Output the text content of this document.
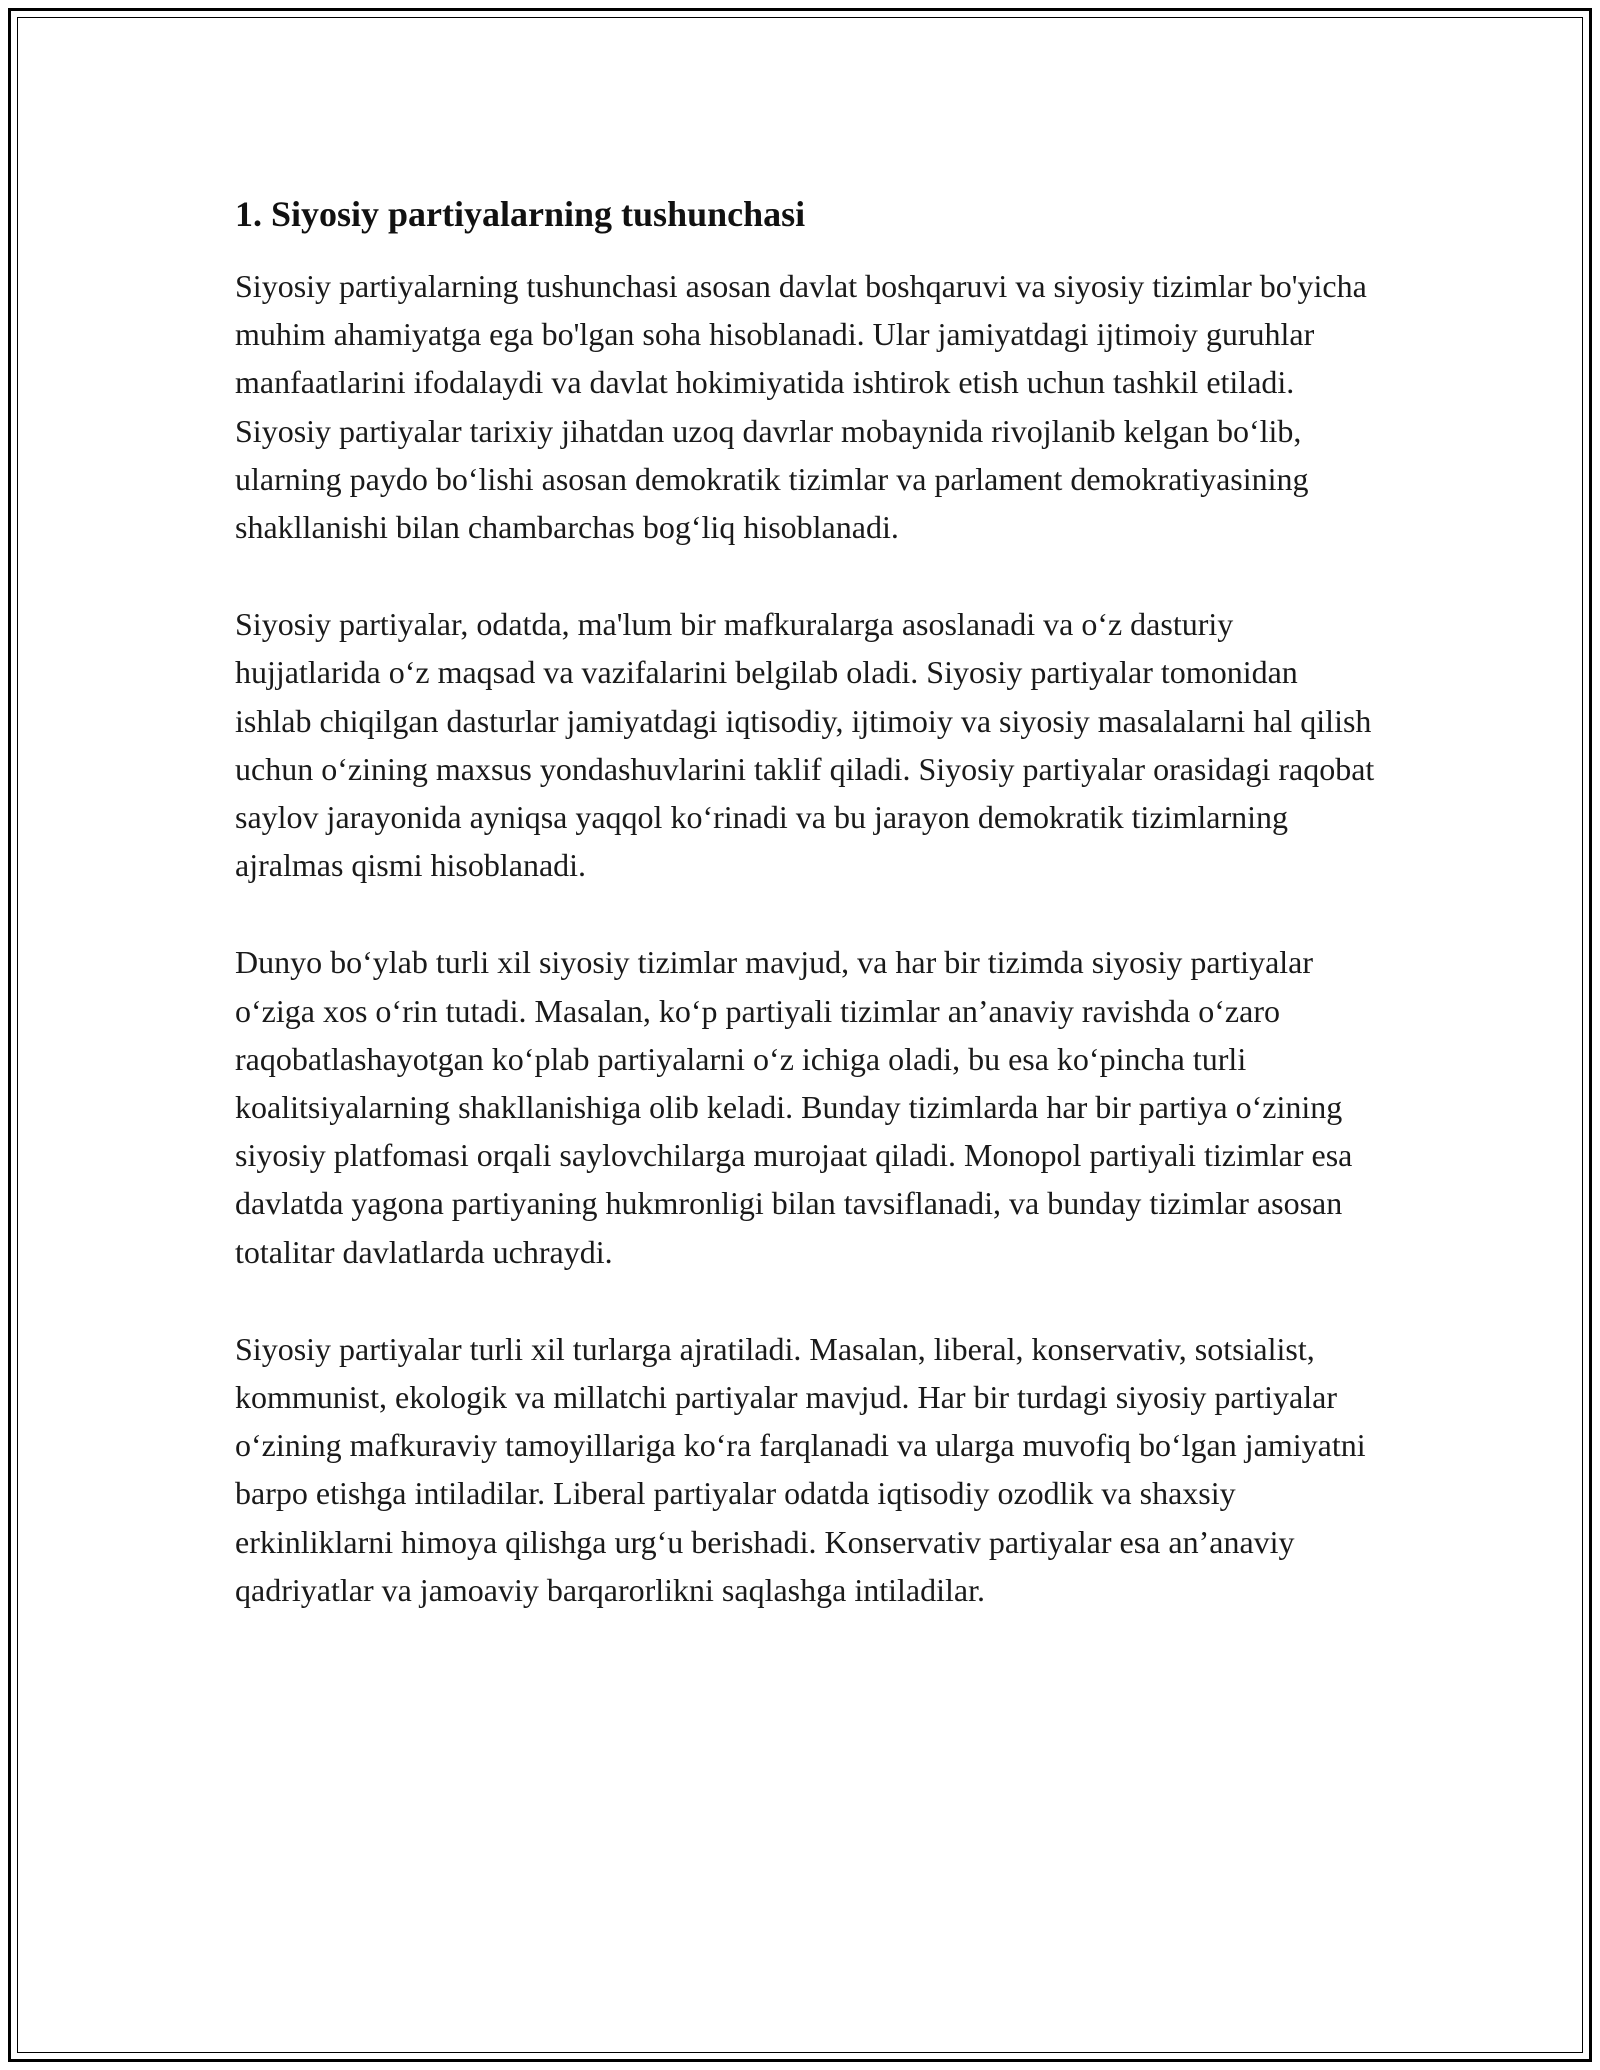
1. Siyosiy partiyalarning tushunchasi

Siyosiy partiyalarning tushunchasi asosan davlat boshqaruvi va siyosiy tizimlar bo'yicha muhim ahamiyatga ega bo'lgan soha hisoblanadi. Ular jamiyatdagi ijtimoiy guruhlar manfaatlarini ifodalaydi va davlat hokimiyatida ishtirok etish uchun tashkil etiladi. Siyosiy partiyalar tarixiy jihatdan uzoq davrlar mobaynida rivojlanib kelgan bo‘lib, ularning paydo bo‘lishi asosan demokratik tizimlar va parlament demokratiyasining shakllanishi bilan chambarchas bog‘liq hisoblanadi.

Siyosiy partiyalar, odatda, ma'lum bir mafkuralarga asoslanadi va o‘z dasturiy hujjatlarida o‘z maqsad va vazifalarini belgilab oladi. Siyosiy partiyalar tomonidan ishlab chiqilgan dasturlar jamiyatdagi iqtisodiy, ijtimoiy va siyosiy masalalarni hal qilish uchun o‘zining maxsus yondashuvlarini taklif qiladi. Siyosiy partiyalar orasidagi raqobat saylov jarayonida ayniqsa yaqqol ko‘rinadi va bu jarayon demokratik tizimlarning ajralmas qismi hisoblanadi.

Dunyo bo‘ylab turli xil siyosiy tizimlar mavjud, va har bir tizimda siyosiy partiyalar o‘ziga xos o‘rin tutadi. Masalan, ko‘p partiyali tizimlar an’anaviy ravishda o‘zaro raqobatlashayotgan ko‘plab partiyalarni o‘z ichiga oladi, bu esa ko‘pincha turli koalitsiyalarning shakllanishiga olib keladi. Bunday tizimlarda har bir partiya o‘zining siyosiy platfomasi orqali saylovchilarga murojaat qiladi. Monopol partiyali tizimlar esa davlatda yagona partiyaning hukmronligi bilan tavsiflanadi, va bunday tizimlar asosan totalitar davlatlarda uchraydi.

Siyosiy partiyalar turli xil turlarga ajratiladi. Masalan, liberal, konservativ, sotsialist, kommunist, ekologik va millatchi partiyalar mavjud. Har bir turdagi siyosiy partiyalar o‘zining mafkuraviy tamoyillariga ko‘ra farqlanadi va ularga muvofiq bo‘lgan jamiyatni barpo etishga intiladilar. Liberal partiyalar odatda iqtisodiy ozodlik va shaxsiy erkinliklarni himoya qilishga urg‘u berishadi. Konservativ partiyalar esa an’anaviy qadriyatlar va jamoaviy barqarorlikni saqlashga intiladilar.
